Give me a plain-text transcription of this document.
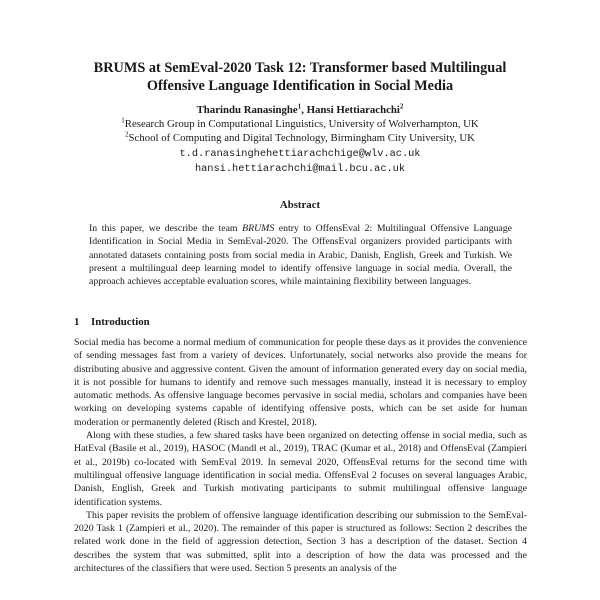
BRUMS at SemEval-2020 Task 12: Transformer based Multilingual
Offensive Language Identification in Social Media
Tharindu Ranasinghe$^1$, Hansi Hettiarachchi$^2$
$^1$Research Group in Computational Linguistics, University of Wolverhampton, UK
$^2$School of Computing and Digital Technology, Birmingham City University, UK
t.d.ranasinghehettiarachchige@wlv.ac.uk
hansi.hettiarachchi@mail.bcu.ac.uk
Abstract

In this paper, we describe the team BRUMS entry to OffensEval 2: Multilingual Offensive Language Identification in Social Media in SemEval-2020. The OffensEval organizers provided participants with annotated datasets containing posts from social media in Arabic, Danish, English, Greek and Turkish. We present a multilingual deep learning model to identify offensive language in social media. Overall, the approach achieves acceptable evaluation scores, while maintaining flexibility between languages.

1 Introduction

Social media has become a normal medium of communication for people these days as it provides the convenience of sending messages fast from a variety of devices. Unfortunately, social networks also provide the means for distributing abusive and aggressive content. Given the amount of information generated every day on social media, it is not possible for humans to identify and remove such messages manually, instead it is necessary to employ automatic methods. As offensive language becomes pervasive in social media, scholars and companies have been working on developing systems capable of identifying offensive posts, which can be set aside for human moderation or permanently deleted (Risch and Krestel, 2018).

Along with these studies, a few shared tasks have been organized on detecting offense in social media, such as HatEval (Basile et al., 2019), HASOC (Mandl et al., 2019), TRAC (Kumar et al., 2018) and OffensEval (Zampieri et al., 2019b) co-located with SemEval 2019. In semeval 2020, OffensEval returns for the second time with multilingual offensive language identification in social media. OffensEval 2 focuses on several languages Arabic, Danish, English, Greek and Turkish motivating participants to submit multilingual offensive language identification systems.

This paper revisits the problem of offensive language identification describing our submission to the SemEval-2020 Task 1 (Zampieri et al., 2020). The remainder of this paper is structured as follows: Section 2 describes the related work done in the field of aggression detection, Section 3 has a description of the dataset. Section 4 describes the system that was submitted, split into a description of how the data was processed and the architectures of the classifiers that were used. Section 5 presents an analysis of the
